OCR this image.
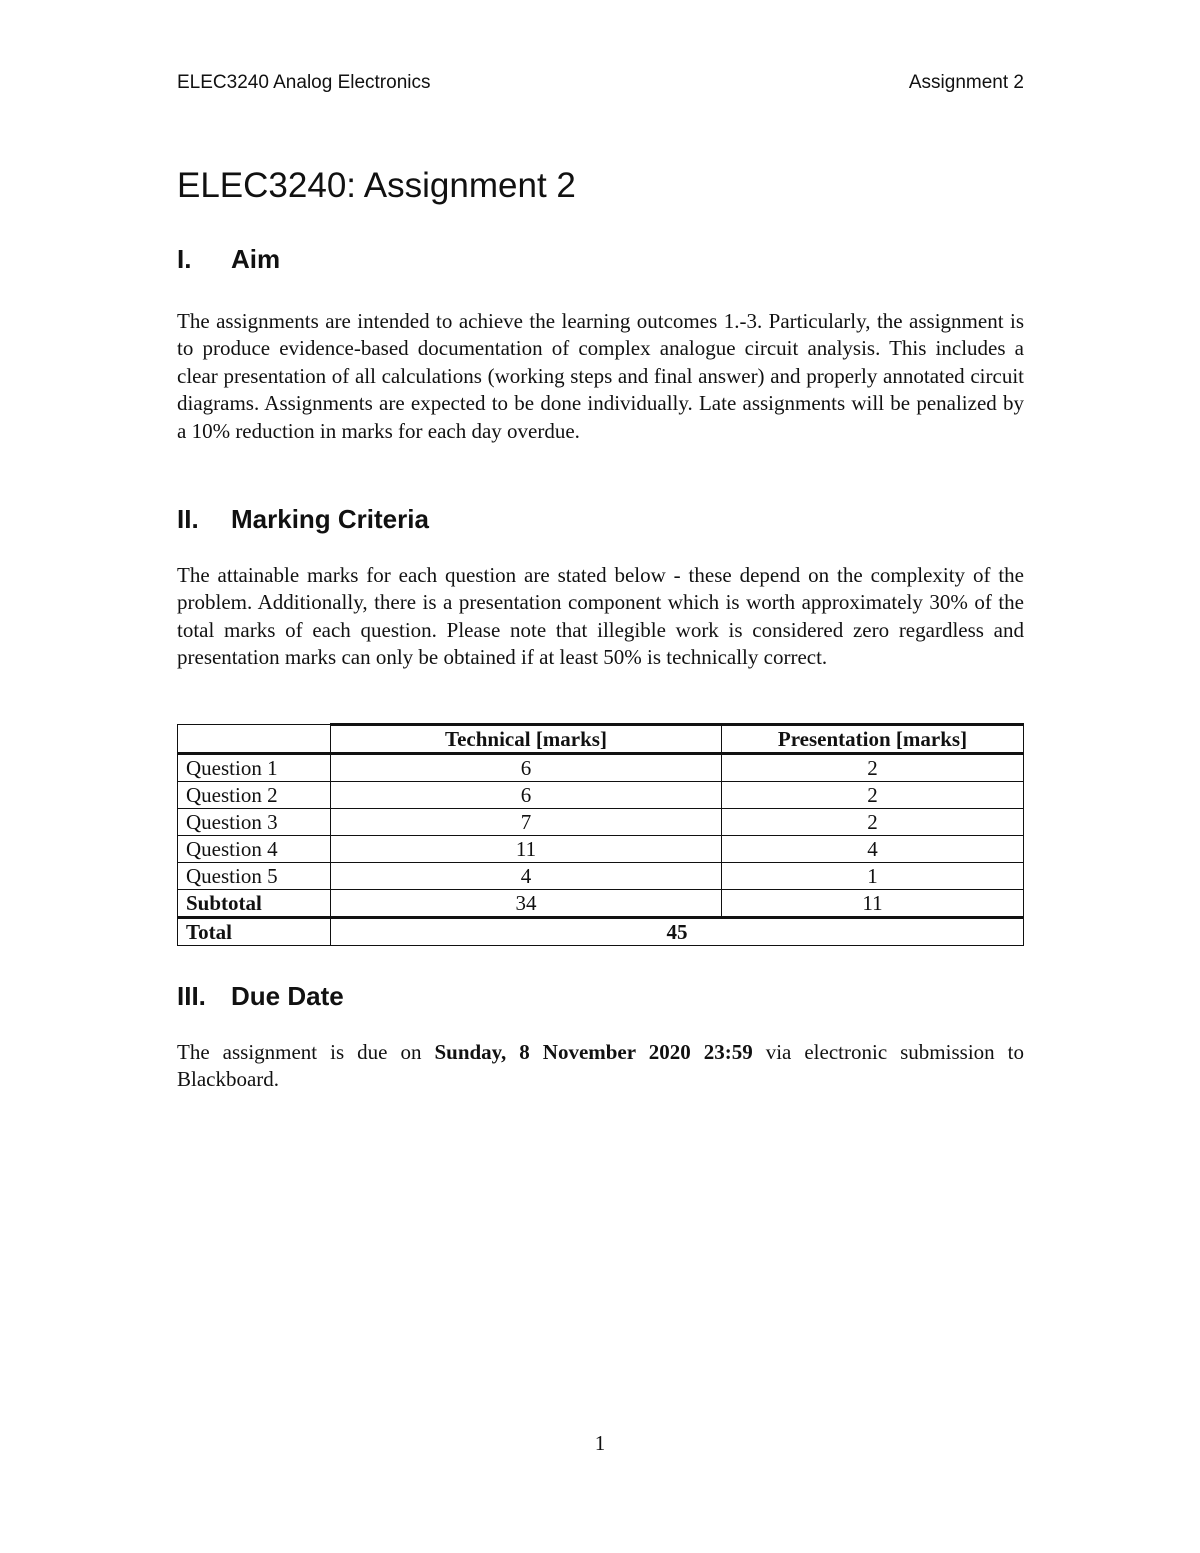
ELEC3240 Analog Electronics	Assignment 2
ELEC3240: Assignment 2
I. Aim

The assignments are intended to achieve the learning outcomes 1.-3. Particularly, the assignment is to produce evidence-based documentation of complex analogue circuit analysis. This includes a clear presentation of all calculations (working steps and final answer) and properly annotated circuit diagrams. Assignments are expected to be done individually. Late assignments will be penalized by a 10% reduction in marks for each day overdue.

II. Marking Criteria

The attainable marks for each question are stated below - these depend on the complexity of the problem. Additionally, there is a presentation component which is worth approximately 30% of the total marks of each question. Please note that illegible work is considered zero regardless and presentation marks can only be obtained if at least 50% is technically correct.

	Technical [marks]	Presentation [marks]
Question 1	6	2
Question 2	6	2
Question 3	7	2
Question 4	11	4
Question 5	4	1
Subtotal	34	11
Total	45	
III. Due Date

The assignment is due on Sunday, 8 November 2020 23:59 via electronic submission to Blackboard.

1
